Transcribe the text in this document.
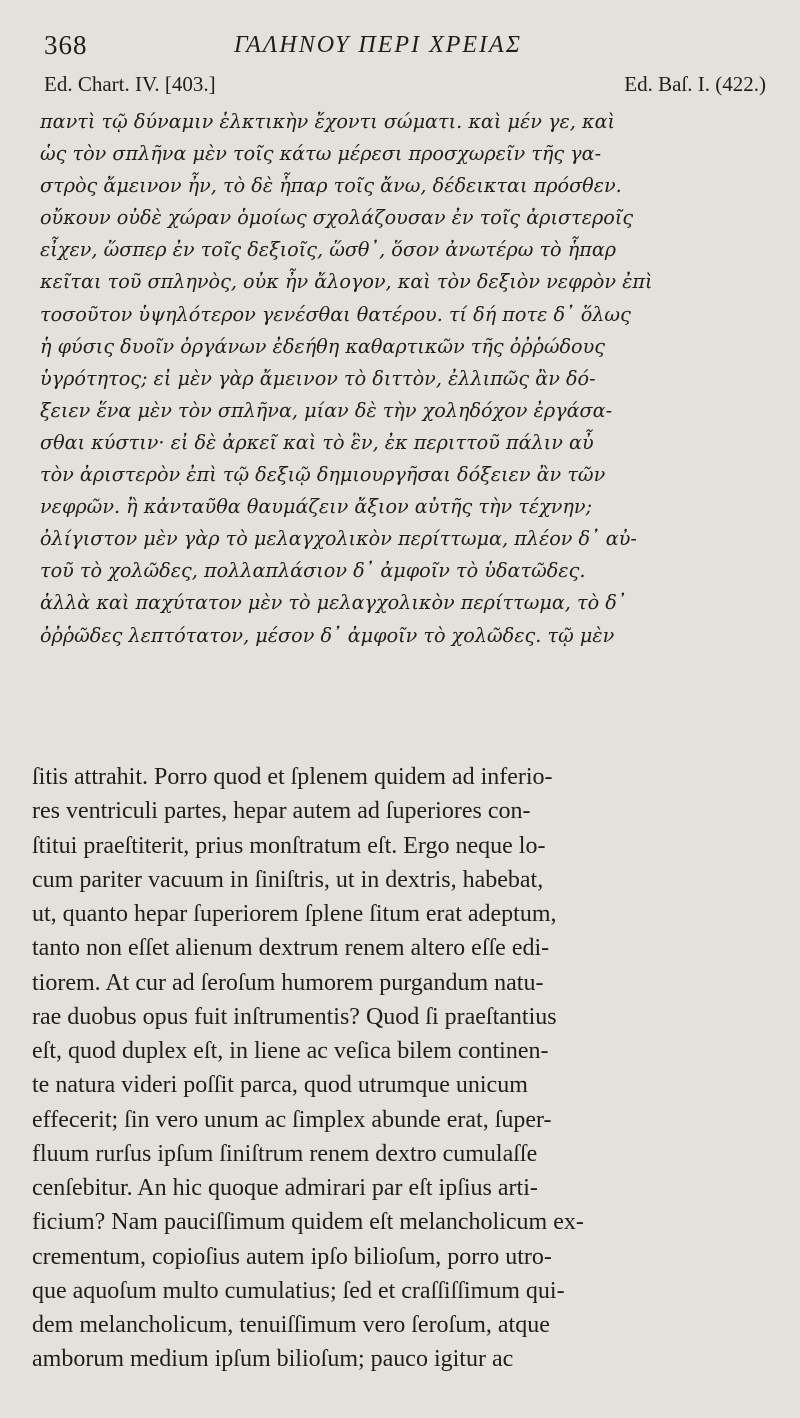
368	ΓΑΛΗΝΟΥ ΠΕΡΙ ΧΡΕΙΑΣ
Ed. Chart. IV. [403.]	Ed. Baſ. I. (422.)
παντὶ τῷ δύναμιν ἑλκτικὴν ἔχοντι σώματι. καὶ μέν γε, καὶ
ὡς τὸν σπλῆνα μὲν τοῖς κάτω μέρεσι προσχωρεῖν τῆς γα-
στρὸς ἄμεινον ἦν, τὸ δὲ ἧπαρ τοῖς ἄνω, δέδεικται πρόσθεν.
οὔκουν οὐδὲ χώραν ὁμοίως σχολάζουσαν ἐν τοῖς ἀριστεροῖς
εἶχεν, ὥσπερ ἐν τοῖς δεξιοῖς, ὥσθ᾽, ὅσον ἀνωτέρω τὸ ἧπαρ
κεῖται τοῦ σπληνὸς, οὐκ ἦν ἄλογον, καὶ τὸν δεξιὸν νεφρὸν ἐπὶ
τοσοῦτον ὑψηλότερον γενέσθαι θατέρου. τί δή ποτε δ᾽ ὅλως
ἡ φύσις δυοῖν ὀργάνων ἐδεήθη καθαρτικῶν τῆς ὀῤῥώδους
ὑγρότητος; εἰ μὲν γὰρ ἄμεινον τὸ διττὸν, ἐλλιπῶς ἂν δό-
ξειεν ἕνα μὲν τὸν σπλῆνα, μίαν δὲ τὴν χοληδόχον ἐργάσα-
σθαι κύστιν· εἰ δὲ ἀρκεῖ καὶ τὸ ἓν, ἐκ περιττοῦ πάλιν αὖ
τὸν ἀριστερὸν ἐπὶ τῷ δεξιῷ δημιουργῆσαι δόξειεν ἂν τῶν
νεφρῶν. ἢ κἀνταῦθα θαυμάζειν ἄξιον αὐτῆς τὴν τέχνην;
ὀλίγιστον μὲν γὰρ τὸ μελαγχολικὸν περίττωμα, πλέον δ᾽ αὐ-
τοῦ τὸ χολῶδες, πολλαπλάσιον δ᾽ ἀμφοῖν τὸ ὑδατῶδες.
ἀλλὰ καὶ παχύτατον μὲν τὸ μελαγχολικὸν περίττωμα, τὸ δ᾽
ὀῤῥῶδες λεπτότατον, μέσον δ᾽ ἀμφοῖν τὸ χολῶδες. τῷ μὲν
ſitis attrahit. Porro quod et ſplenem quidem ad inferio-
res ventriculi partes, hepar autem ad ſuperiores con-
ſtitui praeſtiterit, prius monſtratum eſt. Ergo neque lo-
cum pariter vacuum in ſiniſtris, ut in dextris, habebat,
ut, quanto hepar ſuperiorem ſplene ſitum erat adeptum,
tanto non eſſet alienum dextrum renem altero eſſe edi-
tiorem. At cur ad ſeroſum humorem purgandum natu-
rae duobus opus fuit inſtrumentis? Quod ſi praeſtantius
eſt, quod duplex eſt, in liene ac veſica bilem continen-
te natura videri poſſit parca, quod utrumque unicum
effecerit; ſin vero unum ac ſimplex abunde erat, ſuper-
fluum rurſus ipſum ſiniſtrum renem dextro cumulaſſe
cenſebitur. An hic quoque admirari par eſt ipſius arti-
ficium? Nam pauciſſimum quidem eſt melancholicum ex-
crementum, copioſius autem ipſo bilioſum, porro utro-
que aquoſum multo cumulatius; ſed et craſſiſſimum qui-
dem melancholicum, tenuiſſimum vero ſeroſum, atque
amborum medium ipſum bilioſum; pauco igitur ac
